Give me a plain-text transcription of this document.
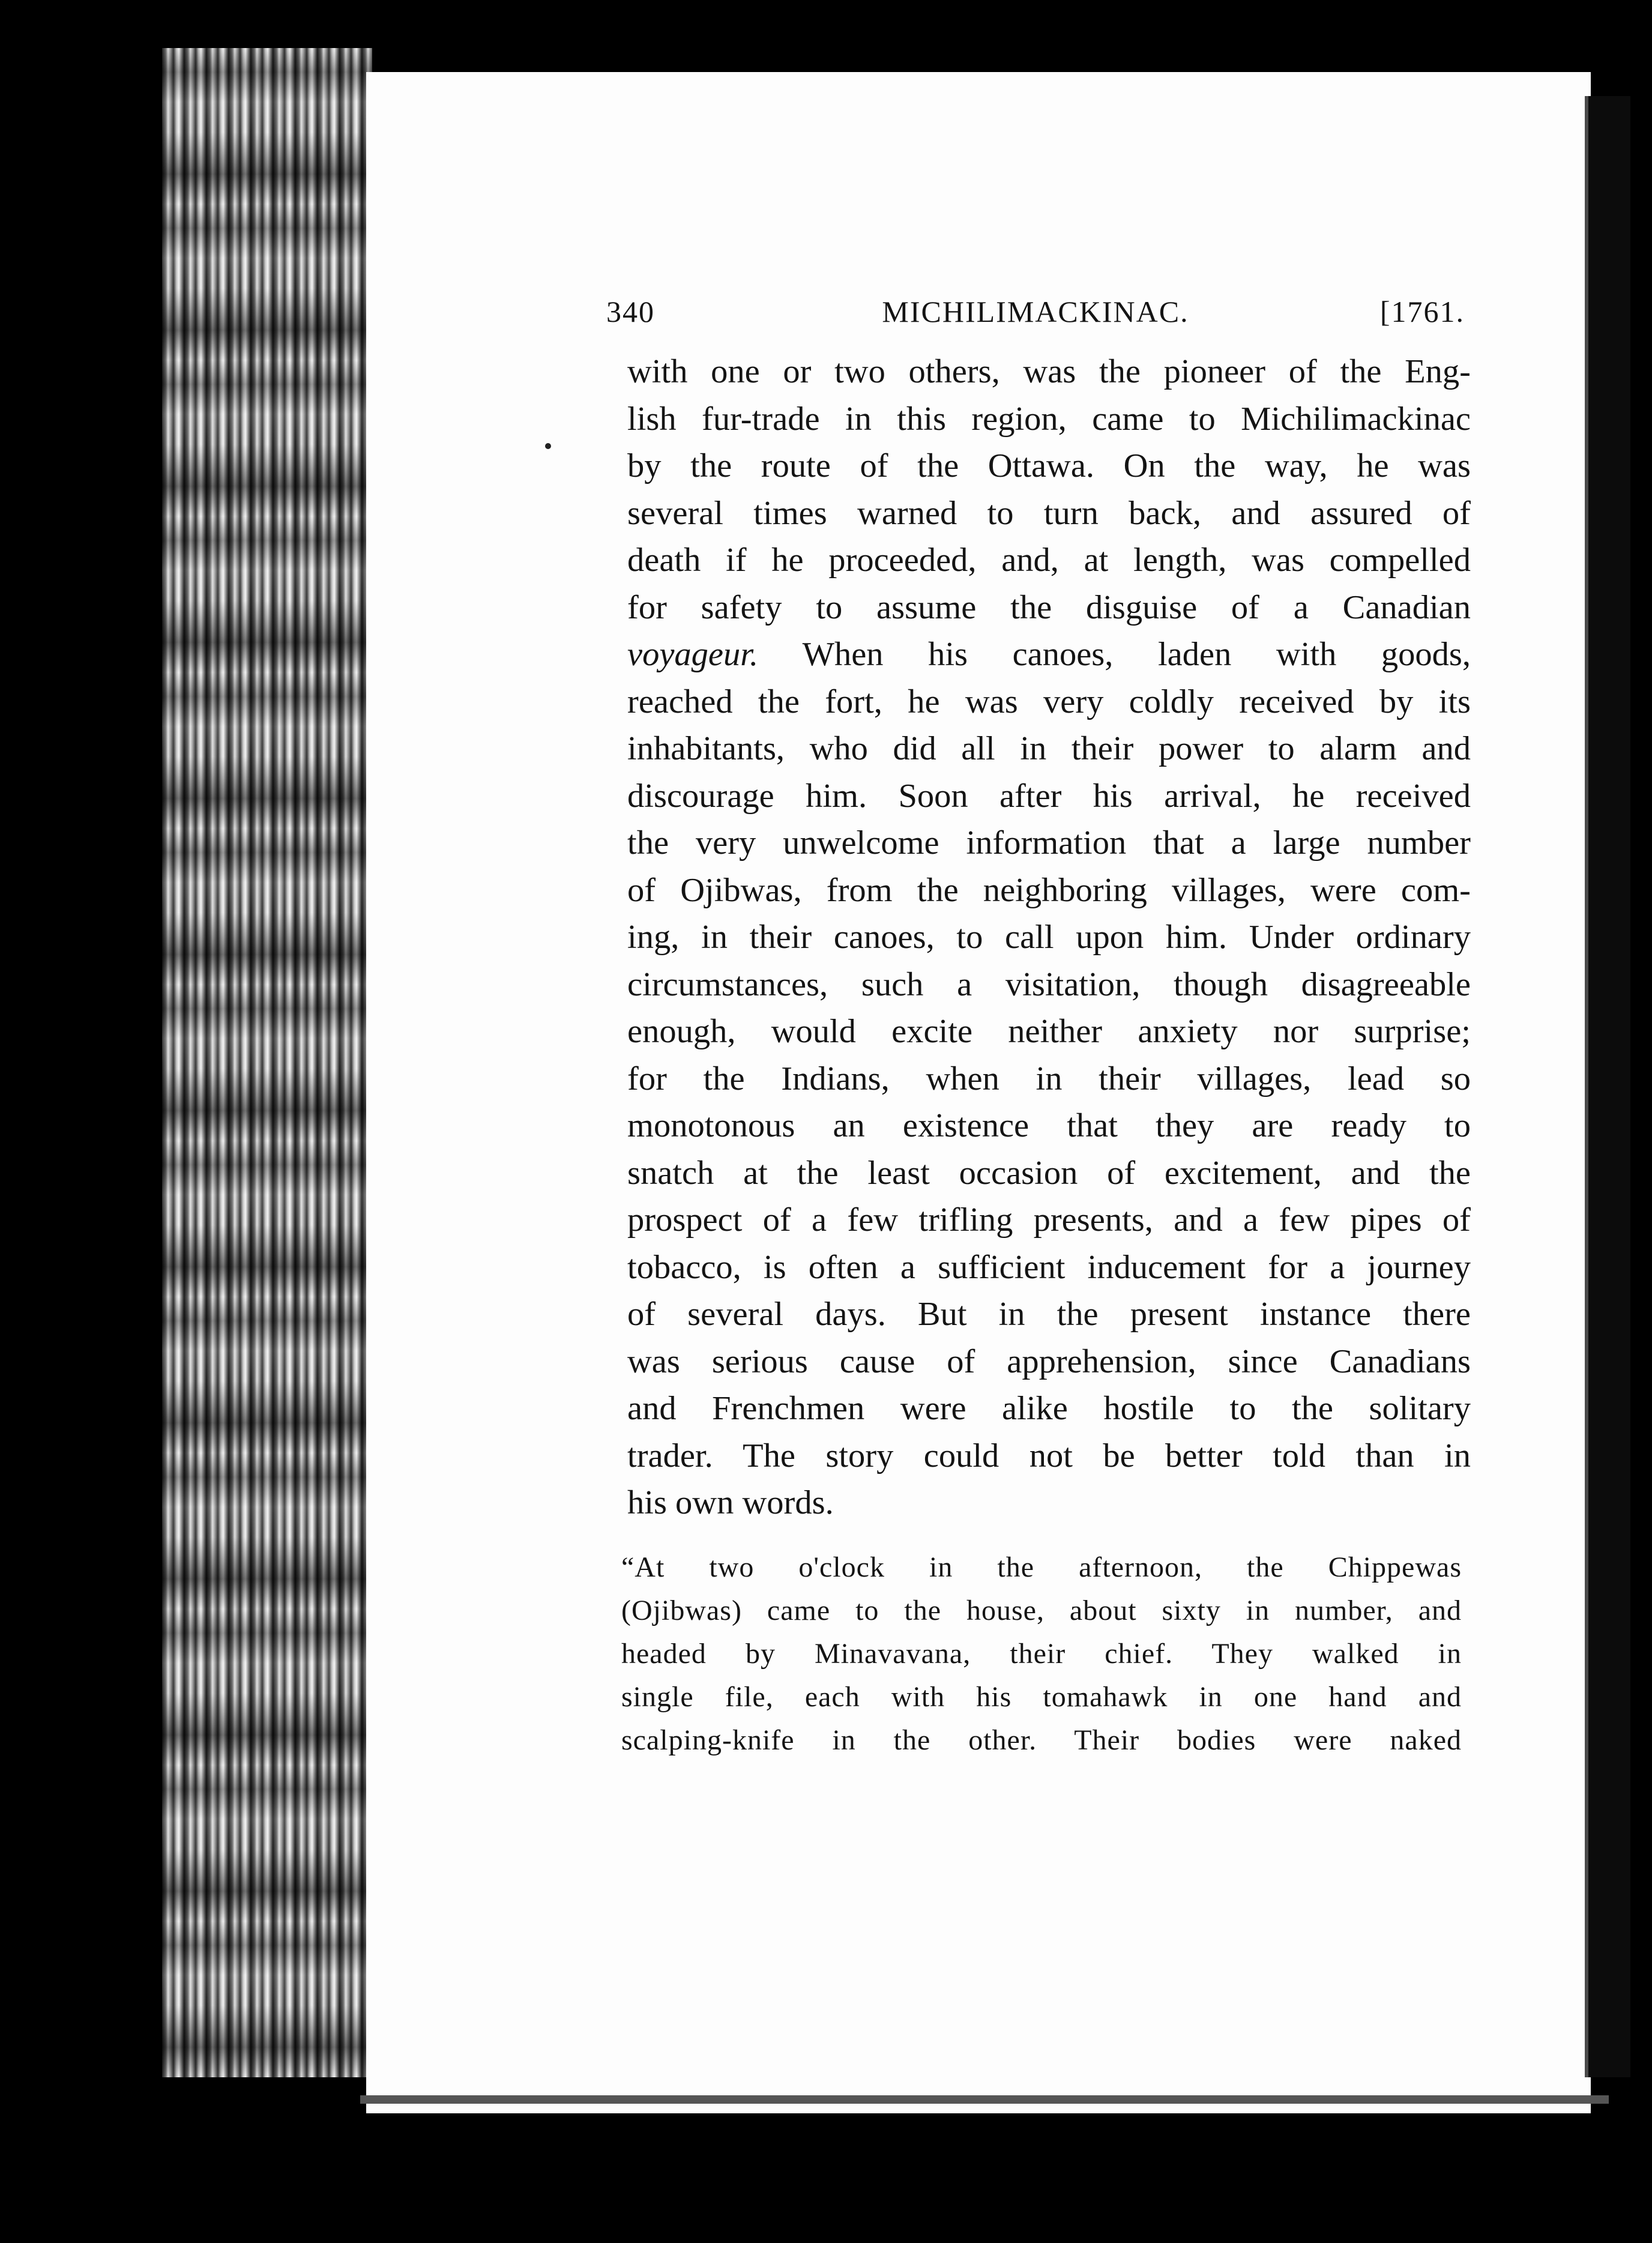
340	MICHILIMACKINAC.	[1761.
with one or two others, was the pioneer of the Eng-
lish fur-trade in this region, came to Michilimackinac
by the route of the Ottawa. On the way, he was
several times warned to turn back, and assured of
death if he proceeded, and, at length, was compelled
for safety to assume the disguise of a Canadian
voyageur. When his canoes, laden with goods,
reached the fort, he was very coldly received by its
inhabitants, who did all in their power to alarm and
discourage him. Soon after his arrival, he received
the very unwelcome information that a large number
of Ojibwas, from the neighboring villages, were com-
ing, in their canoes, to call upon him. Under ordinary
circumstances, such a visitation, though disagreeable
enough, would excite neither anxiety nor surprise;
for the Indians, when in their villages, lead so
monotonous an existence that they are ready to
snatch at the least occasion of excitement, and the
prospect of a few trifling presents, and a few pipes of
tobacco, is often a sufficient inducement for a journey
of several days. But in the present instance there
was serious cause of apprehension, since Canadians
and Frenchmen were alike hostile to the solitary
trader. The story could not be better told than in
his own words.
“At two o'clock in the afternoon, the Chippewas
(Ojibwas) came to the house, about sixty in number, and
headed by Minavavana, their chief. They walked in
single file, each with his tomahawk in one hand and
scalping-knife in the other. Their bodies were naked
